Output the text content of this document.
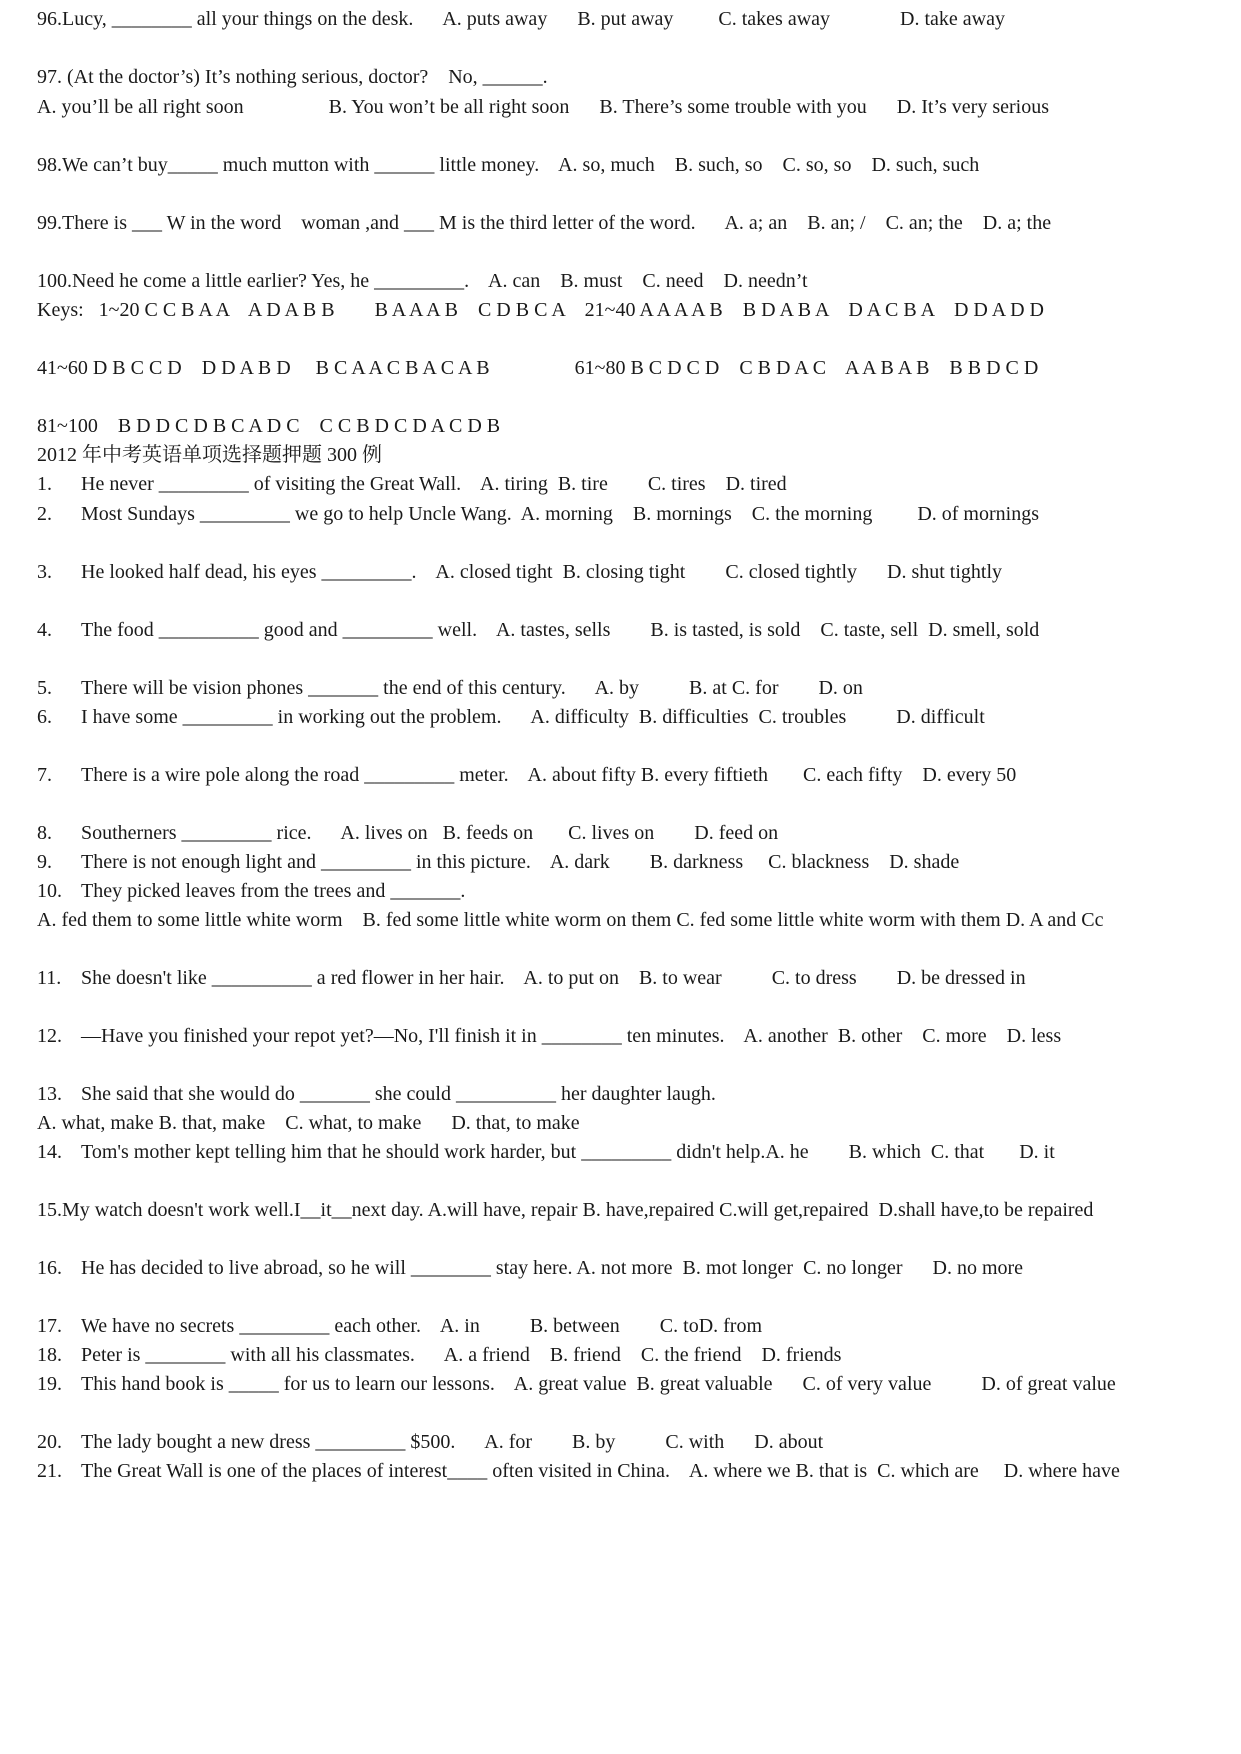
96.Lucy, ________ all your things on the desk.      A. puts away      B. put away         C. takes away              D. take away
97. (At the doctor’s) It’s nothing serious, doctor?    No, ______.
A. you’ll be all right soon                 B. You won’t be all right soon      B. There’s some trouble with you      D. It’s very serious
98.We can’t buy_____ much mutton with ______ little money.    A. so, much    B. such, so    C. so, so    D. such, such
99.There is ___ W in the word    woman ,and ___ M is the third letter of the word.      A. a; an    B. an; /    C. an; the    D. a; the
100.Need he come a little earlier? Yes, he _________.    A. can    B. must    C. need    D. needn’t
Keys:   1~20 C C B A A    A D A B B        B A A A B    C D B C A    21~40 A A A A B    B D A B A    D A C B A    D D A D D
41~60 D B C C D    D D A B D     B C A A C B A C A B                 61~80 B C D C D    C B D A C    A A B A B    B B D C D
81~100    B D D C D B C A D C    C C B D C D A C D B
2012 年中考英语单项选择题押题 300 例
1. He never _________ of visiting the Great Wall.    A. tiring  B. tire        C. tires    D. tired
2. Most Sundays _________ we go to help Uncle Wang.  A. morning    B. mornings    C. the morning         D. of mornings
3. He looked half dead, his eyes _________.    A. closed tight  B. closing tight        C. closed tightly      D. shut tightly
4. The food __________ good and _________ well.    A. tastes, sells        B. is tasted, is sold    C. taste, sell  D. smell, sold
5. There will be vision phones _______ the end of this century.      A. by          B. at C. for        D. on
6. I have some _________ in working out the problem.      A. difficulty  B. difficulties  C. troubles          D. difficult
7. There is a wire pole along the road _________ meter.    A. about fifty B. every fiftieth       C. each fifty    D. every 50
8. Southerners _________ rice.      A. lives on   B. feeds on       C. lives on        D. feed on
9. There is not enough light and _________ in this picture.    A. dark        B. darkness     C. blackness    D. shade
10. They picked leaves from the trees and _______.
A. fed them to some little white worm    B. fed some little white worm on them C. fed some little white worm with them D. A and Cc
11. She doesn't like __________ a red flower in her hair.    A. to put on    B. to wear          C. to dress        D. be dressed in
12. —Have you finished your repot yet?—No, I'll finish it in ________ ten minutes.    A. another  B. other    C. more    D. less
13. She said that she would do _______ she could __________ her daughter laugh.
A. what, make B. that, make    C. what, to make      D. that, to make
14. Tom's mother kept telling him that he should work harder, but _________ didn't help.A. he        B. which  C. that       D. it
15.My watch doesn't work well.I__it__next day. A.will have, repair B. have,repaired C.will get,repaired  D.shall have,to be repaired
16. He has decided to live abroad, so he will ________ stay here. A. not more  B. mot longer  C. no longer      D. no more
17. We have no secrets _________ each other.    A. in          B. between        C. toD. from
18. Peter is ________ with all his classmates.      A. a friend    B. friend    C. the friend    D. friends
19. This hand book is _____ for us to learn our lessons.    A. great value  B. great valuable      C. of very value          D. of great value
20. The lady bought a new dress _________ $500.      A. for        B. by          C. with      D. about
21. The Great Wall is one of the places of interest____ often visited in China.    A. where we B. that is  C. which are     D. where have
